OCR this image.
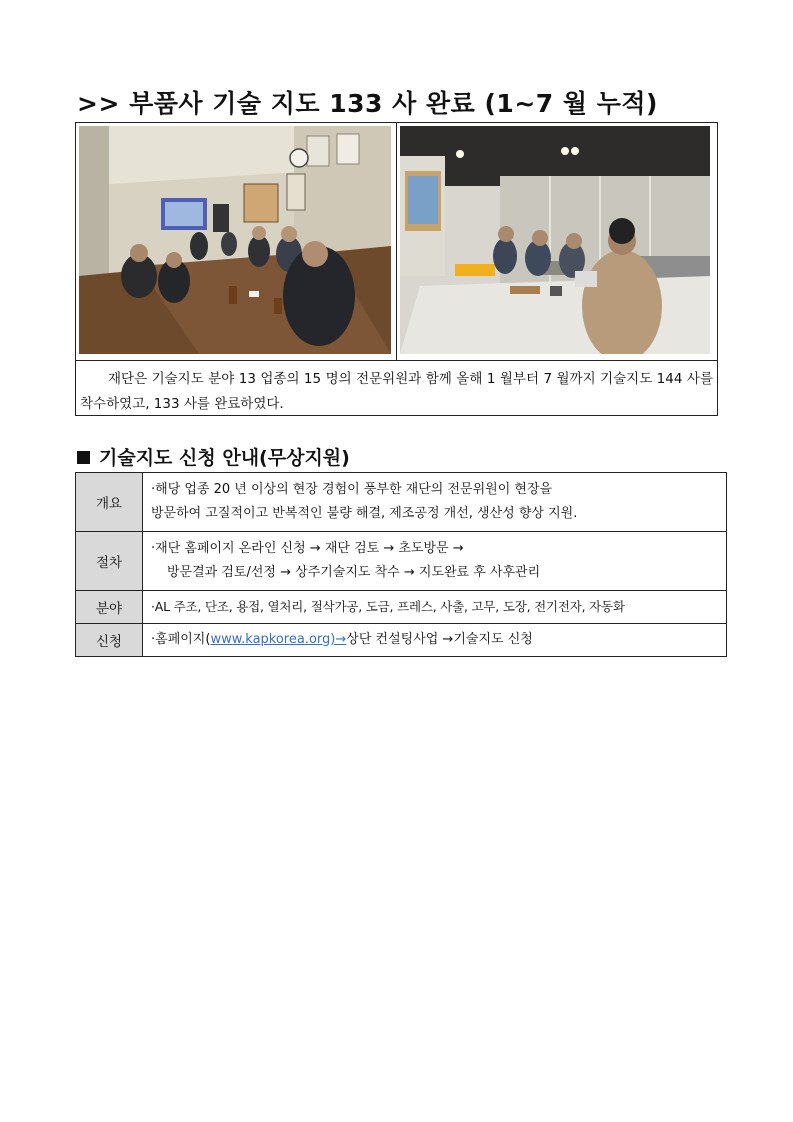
>> 부품사 기술 지도 133 사 완료 (1~7 월 누적)
재단은 기술지도 분야 13 업종의 15 명의 전문위원과 함께 올해 1 월부터 7 월까지 기술지도 144 사를 착수하였고, 133 사를 완료하였다.
기술지도 신청 안내(무상지원)
개요	·해당 업종 20 년 이상의 현장 경험이 풍부한 재단의 전문위원이 현장을
방문하여 고질적이고 반복적인 불량 해결, 제조공정 개선, 생산성 향상 지원.

절차	·재단 홈페이지 온라인 신청 → 재단 검토 → 초도방문 →
방문결과 검토/선정 → 상주기술지도 착수 → 지도완료 후 사후관리

분야	·AL 주조, 단조, 용접, 열처리, 절삭가공, 도금, 프레스, 사출, 고무, 도장, 전기전자, 자동화
신청	·홈페이지(www.kapkorea.org)→상단 컨설팅사업 →기술지도 신청
